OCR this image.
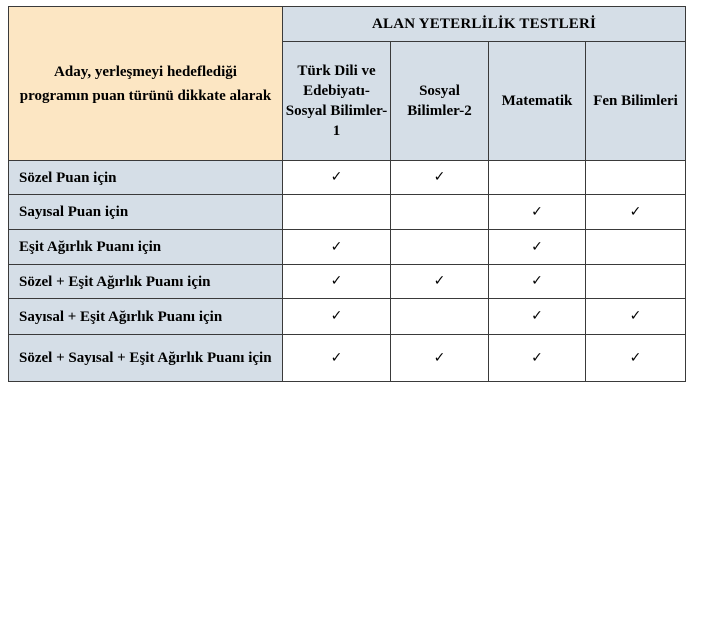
Aday, yerleşmeyi hedeflediği programın puan türünü dikkate alarak	ALAN YETERLİLİK TESTLERİ			
	Türk Dili ve Edebiyatı-Sosyal Bilimler-1	Sosyal Bilimler-2	Matematik	Fen Bilimleri
Sözel Puan için	✓	✓		
Sayısal Puan için			✓	✓
Eşit Ağırlık Puanı için	✓		✓	
Sözel + Eşit Ağırlık Puanı için	✓	✓	✓	
Sayısal + Eşit Ağırlık Puanı için	✓		✓	✓
Sözel + Sayısal + Eşit Ağırlık Puanı için	✓	✓	✓	✓
